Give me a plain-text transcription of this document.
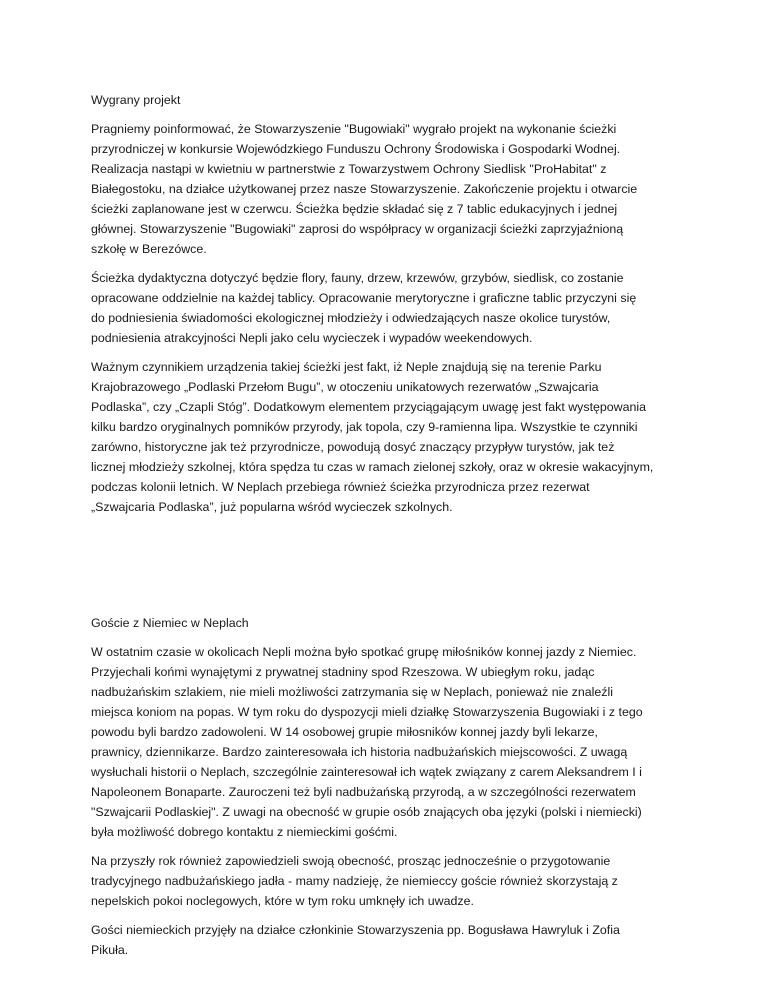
Wygrany projekt

Pragniemy poinformować, że Stowarzyszenie "Bugowiaki" wygrało projekt na wykonanie ścieżki
przyrodniczej w konkursie Wojewódzkiego Funduszu Ochrony Środowiska i Gospodarki Wodnej.
Realizacja nastąpi w kwietniu w partnerstwie z Towarzystwem Ochrony Siedlisk "ProHabitat" z
Białegostoku, na działce użytkowanej przez nasze Stowarzyszenie. Zakończenie projektu i otwarcie
ścieżki zaplanowane jest w czerwcu. Ścieżka będzie składać się z 7 tablic edukacyjnych i jednej
głównej. Stowarzyszenie "Bugowiaki" zaprosi do współpracy w organizacji ścieżki zaprzyjaźnioną
szkołę w Berezówce.

Ścieżka dydaktyczna dotyczyć będzie flory, fauny, drzew, krzewów, grzybów, siedlisk, co zostanie
opracowane oddzielnie na każdej tablicy. Opracowanie merytoryczne i graficzne tablic przyczyni się
do podniesienia świadomości ekologicznej młodzieży i odwiedzających nasze okolice turystów,
podniesienia atrakcyjności Nepli jako celu wycieczek i wypadów weekendowych.

Ważnym czynnikiem urządzenia takiej ścieżki jest fakt, iż Neple znajdują się na terenie Parku
Krajobrazowego „Podlaski Przełom Bugu”, w otoczeniu unikatowych rezerwatów „Szwajcaria
Podlaska”, czy „Czapli Stóg”. Dodatkowym elementem przyciągającym uwagę jest fakt występowania
kilku bardzo oryginalnych pomników przyrody, jak topola, czy 9-ramienna lipa. Wszystkie te czynniki
zarówno, historyczne jak też przyrodnicze, powodują dosyć znaczący przypływ turystów, jak też
licznej młodzieży szkolnej, która spędza tu czas w ramach zielonej szkoły, oraz w okresie wakacyjnym,
podczas kolonii letnich. W Neplach przebiega również ścieżka przyrodnicza przez rezerwat
„Szwajcaria Podlaska”, już popularna wśród wycieczek szkolnych.

Goście z Niemiec w Neplach

W ostatnim czasie w okolicach Nepli można było spotkać grupę miłośników konnej jazdy z Niemiec.
Przyjechali końmi wynajętymi z prywatnej stadniny spod Rzeszowa. W ubiegłym roku, jadąc
nadbużańskim szlakiem, nie mieli możliwości zatrzymania się w Neplach, ponieważ nie znaleźli
miejsca koniom na popas. W tym roku do dyspozycji mieli działkę Stowarzyszenia Bugowiaki i z tego
powodu byli bardzo zadowoleni. W 14 osobowej grupie miłosników konnej jazdy byli lekarze,
prawnicy, dziennikarze. Bardzo zainteresowała ich historia nadbużańskich miejscowości. Z uwagą
wysłuchali historii o Neplach, szczególnie zainteresował ich wątek związany z carem Aleksandrem I i
Napoleonem Bonaparte. Zauroczeni też byli nadbużańską przyrodą, a w szczególności rezerwatem
"Szwajcarii Podlaskiej". Z uwagi na obecność w grupie osób znających oba języki (polski i niemiecki)
była możliwość dobrego kontaktu z niemieckimi gośćmi.

Na przyszły rok również zapowiedzieli swoją obecność, prosząc jednocześnie o przygotowanie
tradycyjnego nadbużańskiego jadła - mamy nadzieję, że niemieccy goście również skorzystają z
nepelskich pokoi noclegowych, które w tym roku umknęły ich uwadze.

Gości niemieckich przyjęły na działce członkinie Stowarzyszenia pp. Bogusława Hawryluk i Zofia
Pikuła.
